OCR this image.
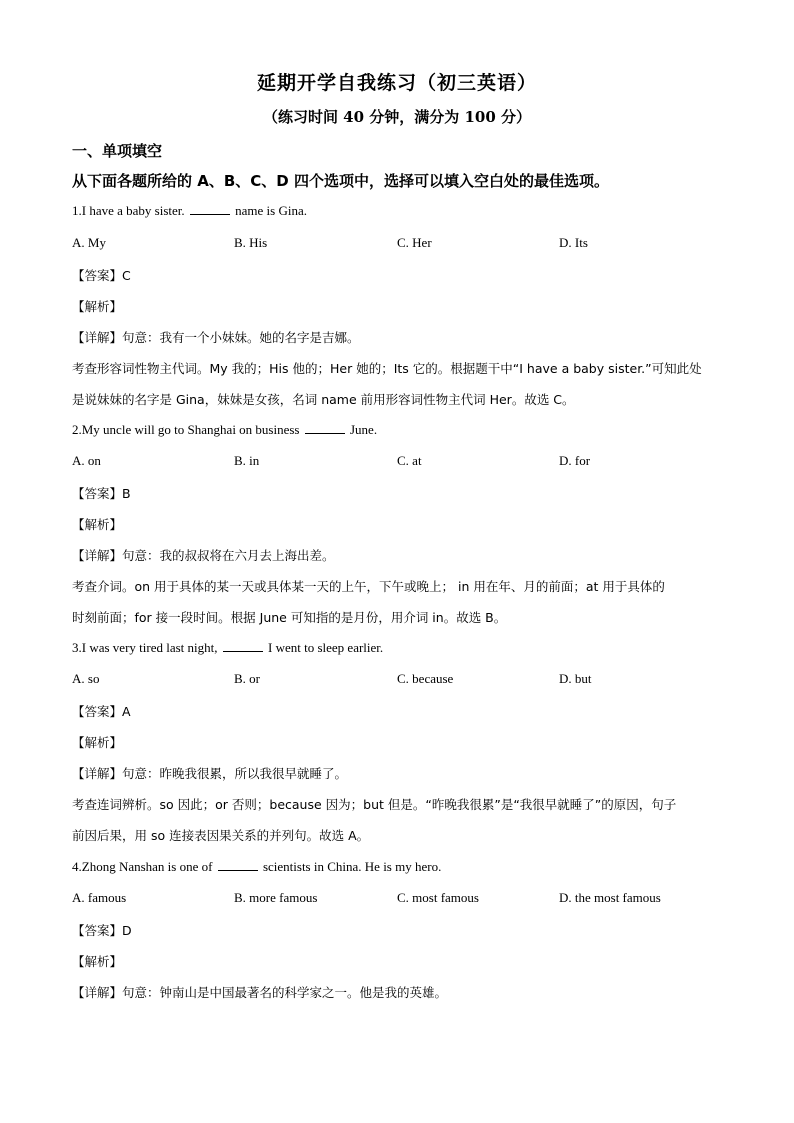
延期开学自我练习（初三英语）
（练习时间 40 分钟，满分为 100 分）
一、单项填空
从下面各题所给的 A、B、C、D 四个选项中，选择可以填入空白处的最佳选项。
1.I have a baby sister.	name is Gina.
A. My	B. His	C. Her	D. Its
【答案】C
【解析】
【详解】句意：我有一个小妹妹。她的名字是吉娜。
考查形容词性物主代词。My 我的；His 他的；Her 她的；Its 它的。根据题干中“I have a baby sister.”可知此处
是说妹妹的名字是 Gina，妹妹是女孩，名词 name 前用形容词性物主代词 Her。故选 C。
2.My uncle will go to Shanghai on business	June.
A. on	B. in	C. at	D. for
【答案】B
【解析】
【详解】句意：我的叔叔将在六月去上海出差。
考查介词。on 用于具体的某一天或具体某一天的上午，下午或晚上； in 用在年、月的前面；at 用于具体的
时刻前面；for 接一段时间。根据 June 可知指的是月份，用介词 in。故选 B。
3.I was very tired last night,	I went to sleep earlier.
A. so	B. or	C. because	D. but
【答案】A
【解析】
【详解】句意：昨晚我很累，所以我很早就睡了。
考查连词辨析。so 因此；or 否则；because 因为；but 但是。“昨晚我很累”是“我很早就睡了”的原因，句子
前因后果，用 so 连接表因果关系的并列句。故选 A。
4.Zhong Nanshan is one of	scientists in China. He is my hero.
A. famous	B. more famous	C. most famous	D. the most famous
【答案】D
【解析】
【详解】句意：钟南山是中国最著名的科学家之一。他是我的英雄。
